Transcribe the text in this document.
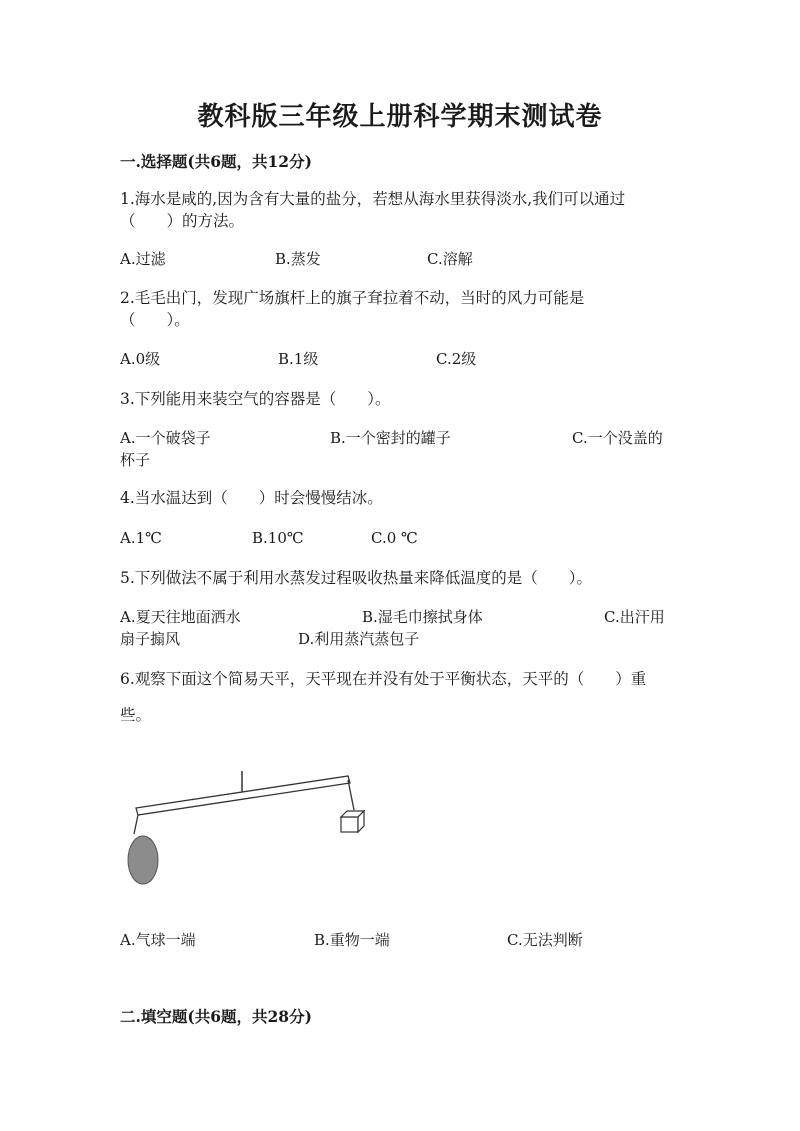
教科版三年级上册科学期末测试卷
一.选择题(共6题，共12分)
1.海水是咸的,因为含有大量的盐分，若想从海水里获得淡水,我们可以通过
（　　）的方法。
A.过滤	B.蒸发	C.溶解
2.毛毛出门，发现广场旗杆上的旗子耷拉着不动，当时的风力可能是
（　　）。
A.0级	B.1级	C.2级
3.下列能用来装空气的容器是（　　）。
A.一个破袋子	B.一个密封的罐子	C.一个没盖的
杯子
4.当水温达到（　　）时会慢慢结冰。
A.1℃	B.10℃	C.0 ℃
5.下列做法不属于利用水蒸发过程吸收热量来降低温度的是（　　）。
A.夏天往地面洒水	B.湿毛巾擦拭身体	C.出汗用
扇子搧风	D.利用蒸汽蒸包子
6.观察下面这个简易天平，天平现在并没有处于平衡状态，天平的（　　）重
些。
A.气球一端	B.重物一端	C.无法判断
二.填空题(共6题，共28分)
